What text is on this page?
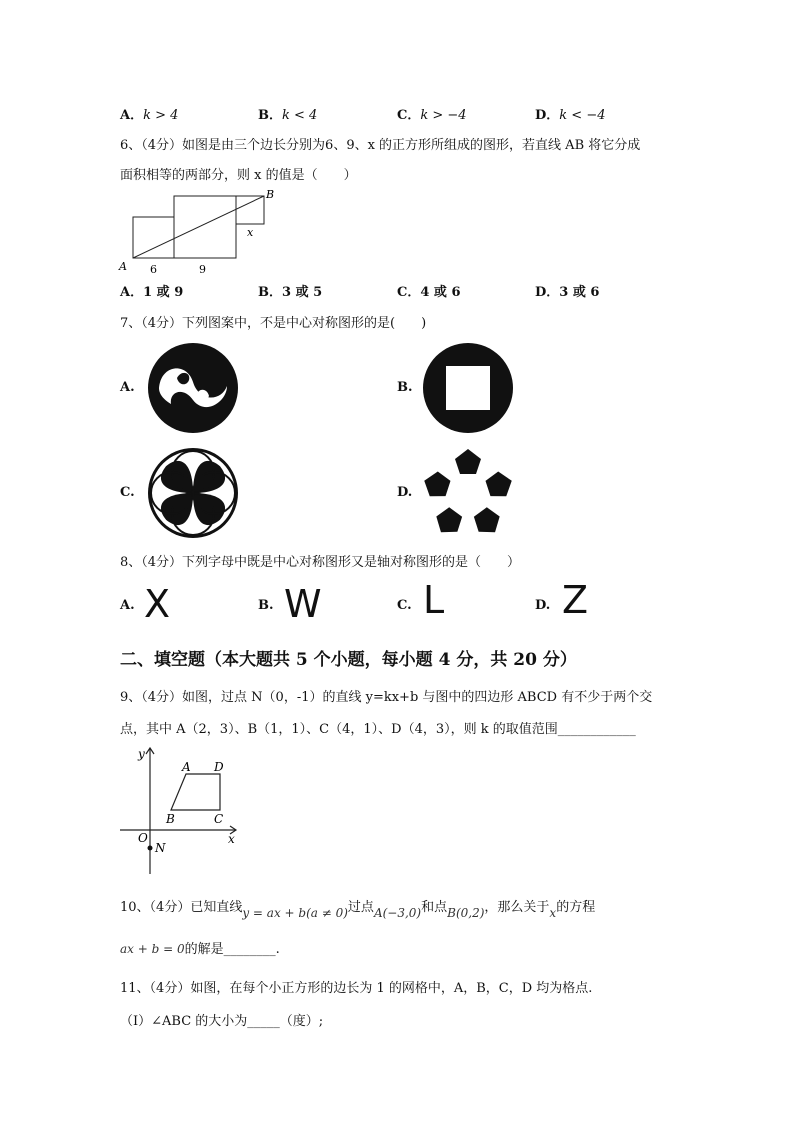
A．k > 4	B．k < 4	C．k > −4	D．k < −4
6、（4分）如图是由三个边长分别为6、9、x 的正方形所组成的图形，若直线 AB 将它分成
面积相等的两部分，则 x 的值是（　　）
A
B
6	9
x
A．1 或 9	B．3 或 5	C．4 或 6	D．3 或 6
7、（4分）下列图案中，不是中心对称图形的是(　　)
A.	B.
C.	D.
8、（4分）下列字母中既是中心对称图形又是轴对称图形的是（　　）
A. X	B. W	C. L	D. Z
二、填空题（本大题共 5 个小题，每小题 4 分，共 20 分）
9、（4分）如图，过点 N（0，-1）的直线 y=kx+b 与图中的四边形 ABCD 有不少于两个交
点，其中 A（2，3）、B（1，1）、C（4，1）、D（4，3），则 k 的取值范围____________
y
x
O
N
A D
B	C
10、（4分）已知直线y = ax + b(a ≠ 0)过点A(−3,0)和点B(0,2)，那么关于x的方程
ax + b = 0的解是________.
11、（4分）如图，在每个小正方形的边长为 1 的网格中，A，B，C，D 均为格点.
（Ⅰ）∠ABC 的大小为_____（度）;
